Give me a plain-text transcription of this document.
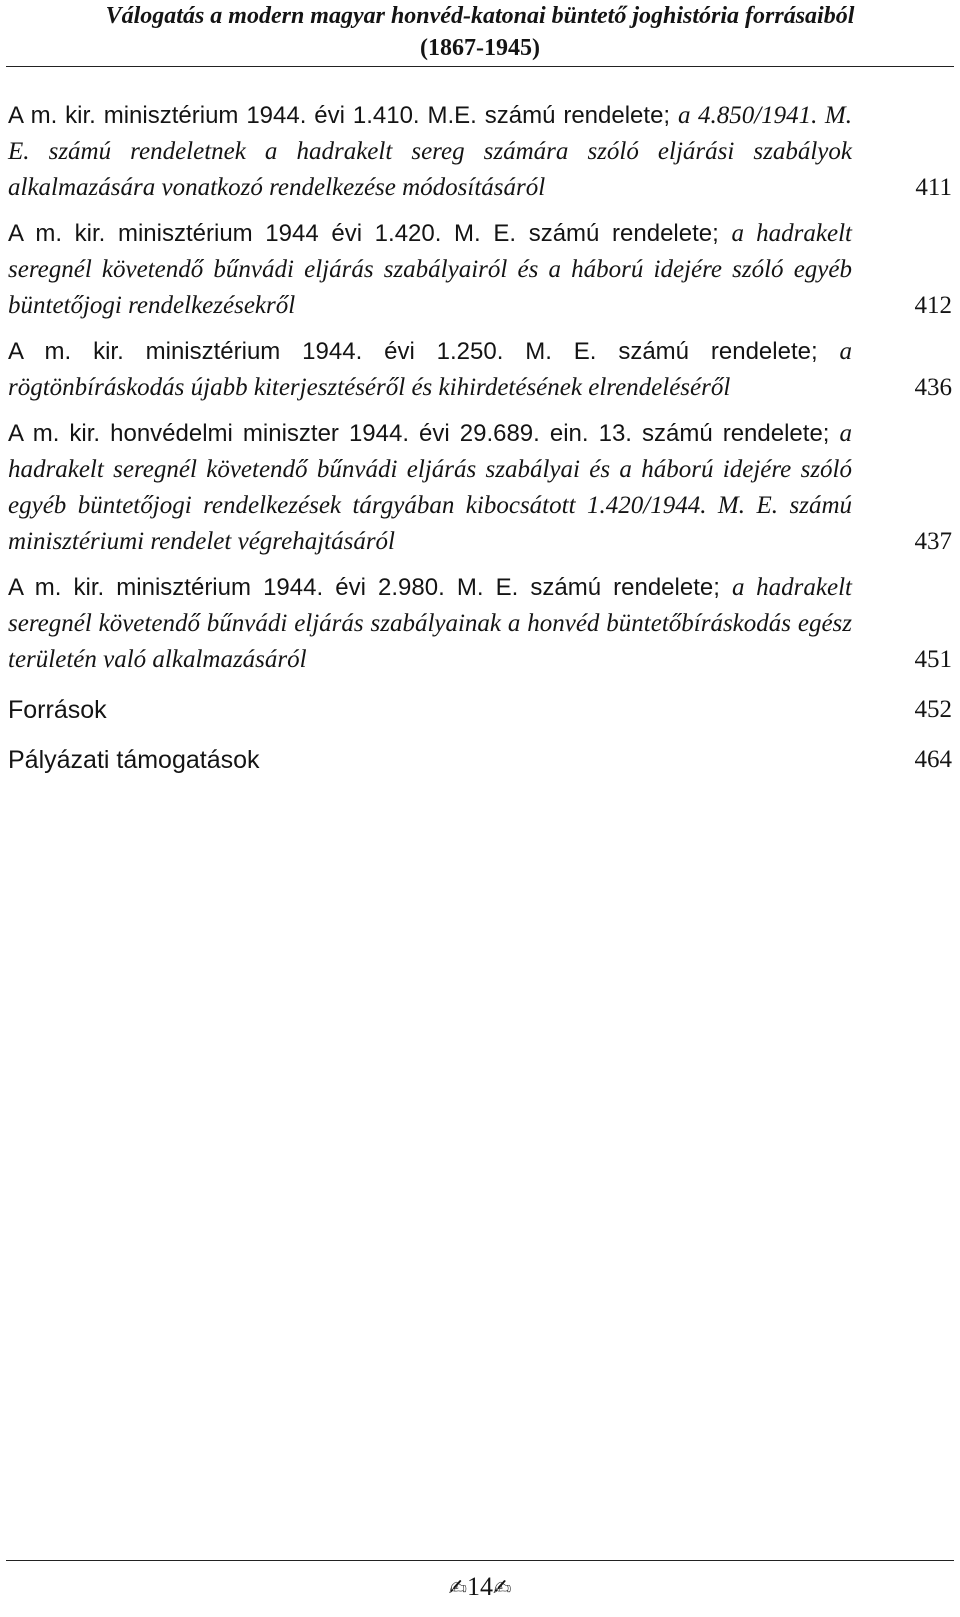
Válogatás a modern magyar honvéd-katonai büntető joghistória forrásaiból
(1867-1945)
A m. kir. minisztérium 1944. évi 1.410. M.E. számú rendelete; a 4.850/1941. M. E. számú rendeletnek a hadrakelt sereg számára szóló eljárási szabályok alkalmazására vonatkozó rendelkezése módosításáról	411
A m. kir. minisztérium 1944 évi 1.420. M. E. számú rendelete; a hadrakelt seregnél követendő bűnvádi eljárás szabályairól és a háború idejére szóló egyéb büntetőjogi rendelkezésekről	412
A m. kir. minisztérium 1944. évi 1.250. M. E. számú rendelete; a rögtönbíráskodás újabb kiterjesztéséről és kihirdetésének elrendeléséről	436
A m. kir. honvédelmi miniszter 1944. évi 29.689. ein. 13. számú rendelete; a hadrakelt seregnél követendő bűnvádi eljárás szabályai és a háború idejére szóló egyéb büntetőjogi rendelkezések tárgyában kibocsátott 1.420/1944. M. E. számú minisztériumi rendelet végrehajtásáról	437
A m. kir. minisztérium 1944. évi 2.980. M. E. számú rendelete; a hadrakelt seregnél követendő bűnvádi eljárás szabályainak a honvéd büntetőbíráskodás egész területén való alkalmazásáról	451
Források	452
Pályázati támogatások	464
✍14✍
